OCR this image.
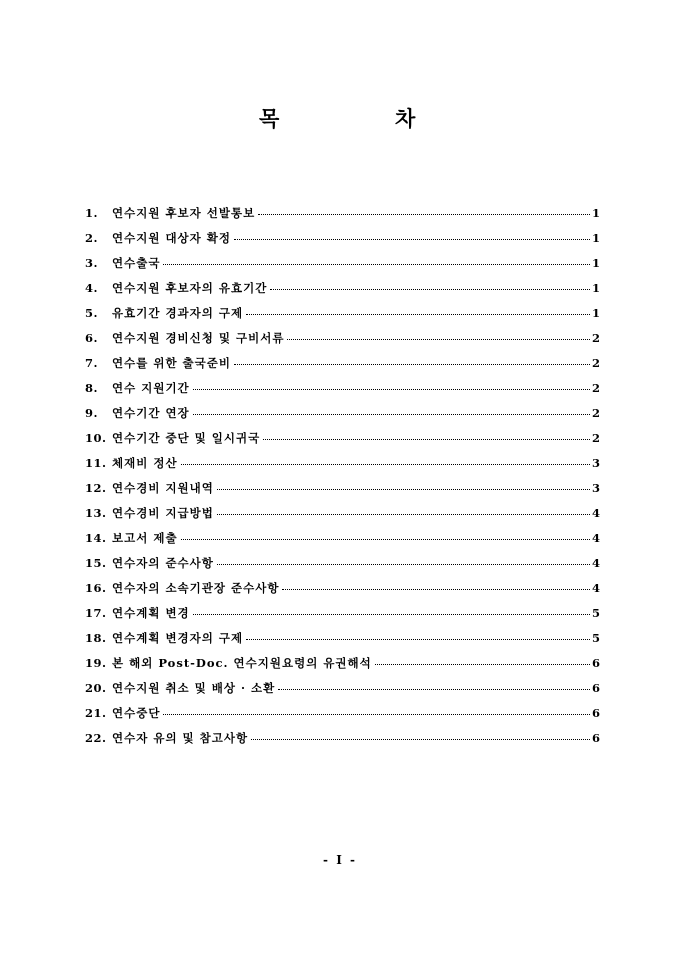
목	차
1.	연수지원 후보자 선발통보	1
2.	연수지원 대상자 확정	1
3.	연수출국	1
4.	연수지원 후보자의 유효기간	1
5.	유효기간 경과자의 구제	1
6.	연수지원 경비신청 및 구비서류	2
7.	연수를 위한 출국준비	2
8.	연수 지원기간	2
9.	연수기간 연장	2
10. 연수기간 중단 및 일시귀국	2
11. 체재비 정산	3
12. 연수경비 지원내역	3
13. 연수경비 지급방법	4
14. 보고서 제출	4
15. 연수자의 준수사항	4
16. 연수자의 소속기관장 준수사항	4
17. 연수계획 변경	5
18. 연수계획 변경자의 구제	5
19. 본 해외 Post-Doc. 연수지원요령의 유권해석	6
20. 연수지원 취소 및 배상 · 소환	6
21. 연수중단	6
22. 연수자 유의 및 참고사항	6
- I -
